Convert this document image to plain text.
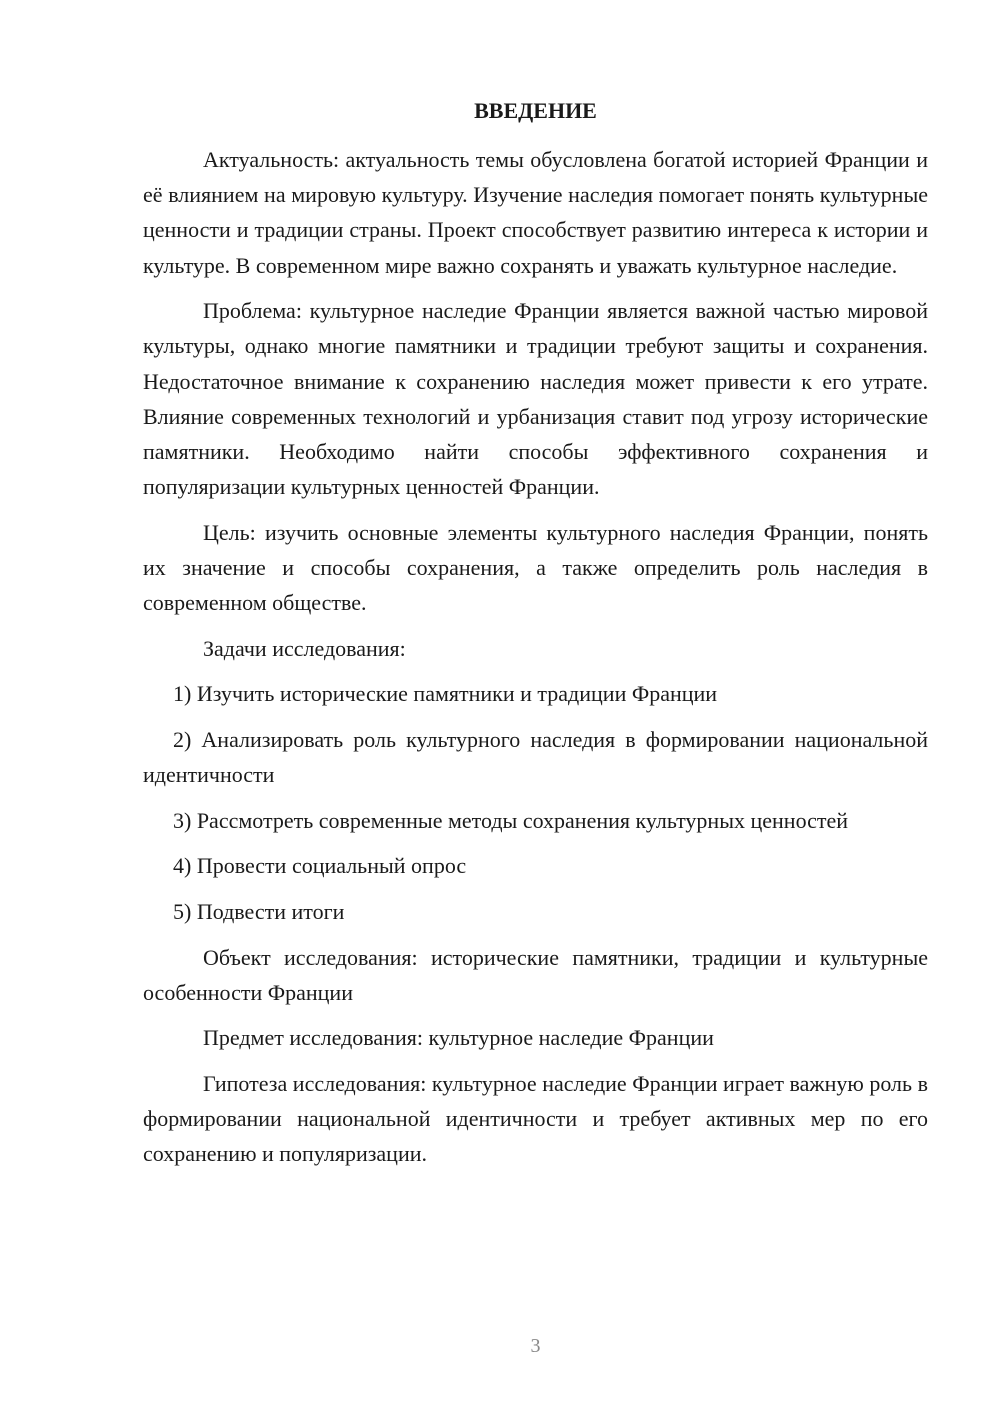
ВВЕДЕНИЕ

Актуальность: актуальность темы обусловлена богатой историей Франции и её влиянием на мировую культуру. Изучение наследия помогает понять культурные ценности и традиции страны. Проект способствует развитию интереса к истории и культуре. В современном мире важно сохранять и уважать культурное наследие.

Проблема: культурное наследие Франции является важной частью мировой культуры, однако многие памятники и традиции требуют защиты и сохранения. Недостаточное внимание к сохранению наследия может привести к его утрате. Влияние современных технологий и урбанизация ставит под угрозу исторические памятники. Необходимо найти способы эффективного сохранения и популяризации культурных ценностей Франции.

Цель: изучить основные элементы культурного наследия Франции, понять их значение и способы сохранения, а также определить роль наследия в современном обществе.

Задачи исследования:

1) Изучить исторические памятники и традиции Франции

2) Анализировать роль культурного наследия в формировании национальной идентичности

3) Рассмотреть современные методы сохранения культурных ценностей

4) Провести социальный опрос

5) Подвести итоги

Объект исследования: исторические памятники, традиции и культурные особенности Франции

Предмет исследования: культурное наследие Франции

Гипотеза исследования: культурное наследие Франции играет важную роль в формировании национальной идентичности и требует активных мер по его сохранению и популяризации.

3
